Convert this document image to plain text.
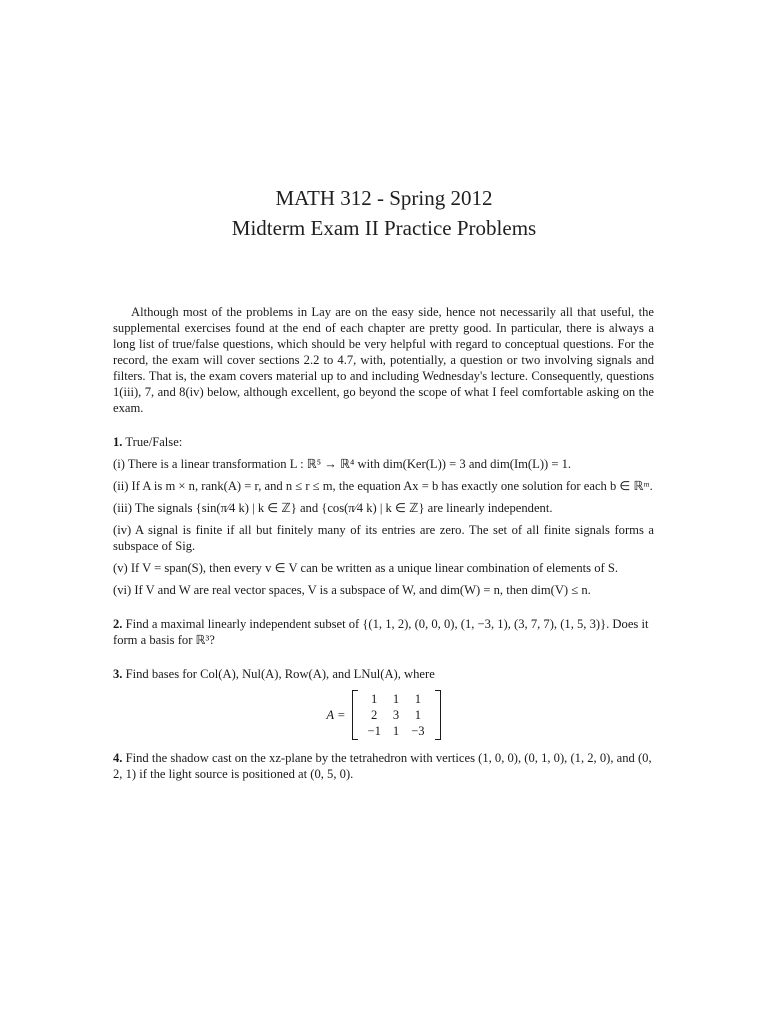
MATH 312 - Spring 2012
Midterm Exam II Practice Problems

Although most of the problems in Lay are on the easy side, hence not necessarily all that useful, the supplemental exercises found at the end of each chapter are pretty good. In particular, there is always a long list of true/false questions, which should be very helpful with regard to conceptual questions. For the record, the exam will cover sections 2.2 to 4.7, with, potentially, a question or two involving signals and filters. That is, the exam covers material up to and including Wednesday's lecture. Consequently, questions 1(iii), 7, and 8(iv) below, although excellent, go beyond the scope of what I feel comfortable asking on the exam.

1. True/False:
(i) There is a linear transformation L : ℝ⁵ → ℝ⁴ with dim(Ker(L)) = 3 and dim(Im(L)) = 1.
(ii) If A is m × n, rank(A) = r, and n ≤ r ≤ m, the equation Ax = b has exactly one solution for each b ∈ ℝᵐ.
(iii) The signals {sin(π⁄4 k) | k ∈ ℤ} and {cos(π⁄4 k) | k ∈ ℤ} are linearly independent.
(iv) A signal is finite if all but finitely many of its entries are zero. The set of all finite signals forms a subspace of Sig.
(v) If V = span(S), then every v ∈ V can be written as a unique linear combination of elements of S.
(vi) If V and W are real vector spaces, V is a subspace of W, and dim(W) = n, then dim(V) ≤ n.
2. Find a maximal linearly independent subset of {(1, 1, 2), (0, 0, 0), (1, −3, 1), (3, 7, 7), (1, 5, 3)}. Does it form a basis for ℝ³?
3. Find bases for Col(A), Nul(A), Row(A), and LNul(A), where
A =
1	1	1
2	3	1
−1	1	−3
4. Find the shadow cast on the xz-plane by the tetrahedron with vertices (1, 0, 0), (0, 1, 0), (1, 2, 0), and (0, 2, 1) if the light source is positioned at (0, 5, 0).
